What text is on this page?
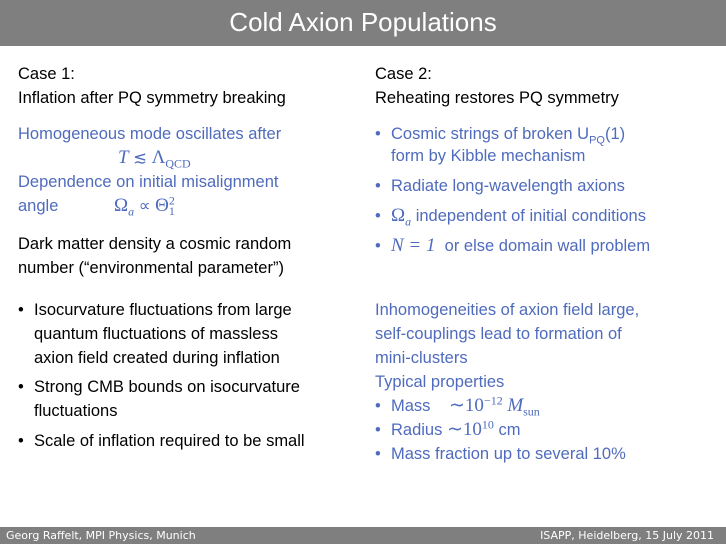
Cold Axion Populations
Case 1:
Inflation after PQ symmetry breaking
Homogeneous mode oscillates after
T ≲ $\Lambda_{QCD}$
Dependence on initial misalignment
angle	$\Omega_a \propto \Theta^2_1$
Dark matter density a cosmic random
number (“environmental parameter”)
• Isocurvature fluctuations from large
quantum fluctuations of massless
axion field created during inflation
• Strong CMB bounds on isocurvature
fluctuations
• Scale of inflation required to be small
Case 2:
Reheating restores PQ symmetry
• Cosmic strings of broken $U_{PQ}(1)$
form by Kibble mechanism
• Radiate long-wavelength axions
• $\Omega_a$ independent of initial conditions
• N = 1  or else domain wall problem
Inhomogeneities of axion field large,
self-couplings lead to formation of
mini-clusters
Typical properties
• Mass $\sim 10^{-12}$ $M_{sun}$
• Radius $\sim 10^{10}$ cm
• Mass fraction up to several 10%
Georg Raffelt, MPI Physics, Munich	ISAPP, Heidelberg, 15 July 2011
